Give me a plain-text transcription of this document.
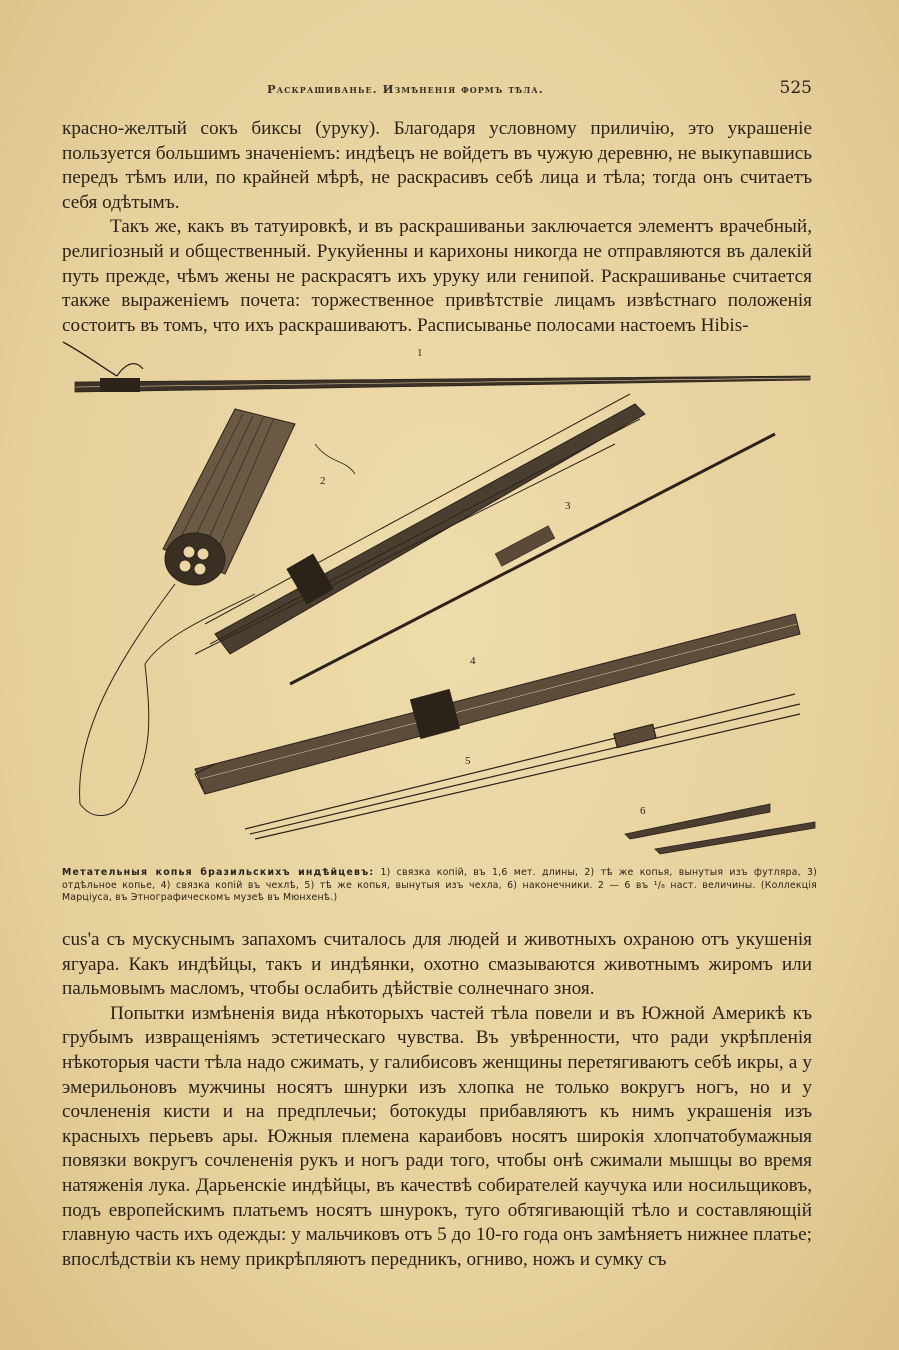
Раскрашиванье. Измѣненія формъ тѣла.	525

красно-желтый сокъ биксы (уруку). Благодаря условному приличію, это украшеніе пользуется большимъ значеніемъ: индѣецъ не войдетъ въ чужую деревню, не выкупавшись передъ тѣмъ или, по крайней мѣрѣ, не раскрасивъ себѣ лица и тѣла; тогда онъ считаетъ себя одѣтымъ.

Такъ же, какъ въ татуировкѣ, и въ раскрашиваньи заключается элементъ врачебный, религіозный и общественный. Рукуйенны и карихоны никогда не отправляются въ далекій путь прежде, чѣмъ жены не раскрасятъ ихъ уруку или генипой. Раскрашиванье считается также выраженіемъ почета: торжественное привѣтствіе лицамъ извѣстнаго положенія состоитъ въ томъ, что ихъ раскрашиваютъ. Расписыванье полосами настоемъ Hibis-

1
2
3
4
5
6
Метательныя копья бразильскихъ индѣйцевъ: 1) связка копій, въ 1,6 мет. длины, 2) тѣ же копья, вынутыя изъ футляра, 3) отдѣльное копье, 4) связка копій въ чехлѣ, 5) тѣ же копья, вынутыя изъ чехла, 6) наконечники. 2 — 6 въ ¹/₈ наст. величины. (Коллекція Марціуса, въ Этнографическомъ музеѣ въ Мюнхенѣ.)

cus'a съ мускуснымъ запахомъ считалось для людей и животныхъ охраною отъ укушенія ягуара. Какъ индѣйцы, такъ и индѣянки, охотно смазываются животнымъ жиромъ или пальмовымъ масломъ, чтобы ослабить дѣйствіе солнечнаго зноя.

Попытки измѣненія вида нѣкоторыхъ частей тѣла повели и въ Южной Америкѣ къ грубымъ извращеніямъ эстетическаго чувства. Въ увѣренности, что ради укрѣпленія нѣкоторыя части тѣла надо сжимать, у галибисовъ женщины перетягиваютъ себѣ икры, а у эмерильоновъ мужчины носятъ шнурки изъ хлопка не только вокругъ ногъ, но и у сочлененія кисти и на предплечьи; ботокуды прибавляютъ къ нимъ украшенія изъ красныхъ перьевъ ары. Южныя племена караибовъ носятъ широкія хлопчатобумажныя повязки вокругъ сочлененія рукъ и ногъ ради того, чтобы онѣ сжимали мышцы во время натяженія лука. Дарьенскіе индѣйцы, въ качествѣ собирателей каучука или носильщиковъ, подъ европейскимъ платьемъ носятъ шнурокъ, туго обтягивающій тѣло и составляющій главную часть ихъ одежды: у мальчиковъ отъ 5 до 10-го года онъ замѣняетъ нижнее платье; впослѣдствіи къ нему прикрѣпляютъ передникъ, огниво, ножъ и сумку съ
